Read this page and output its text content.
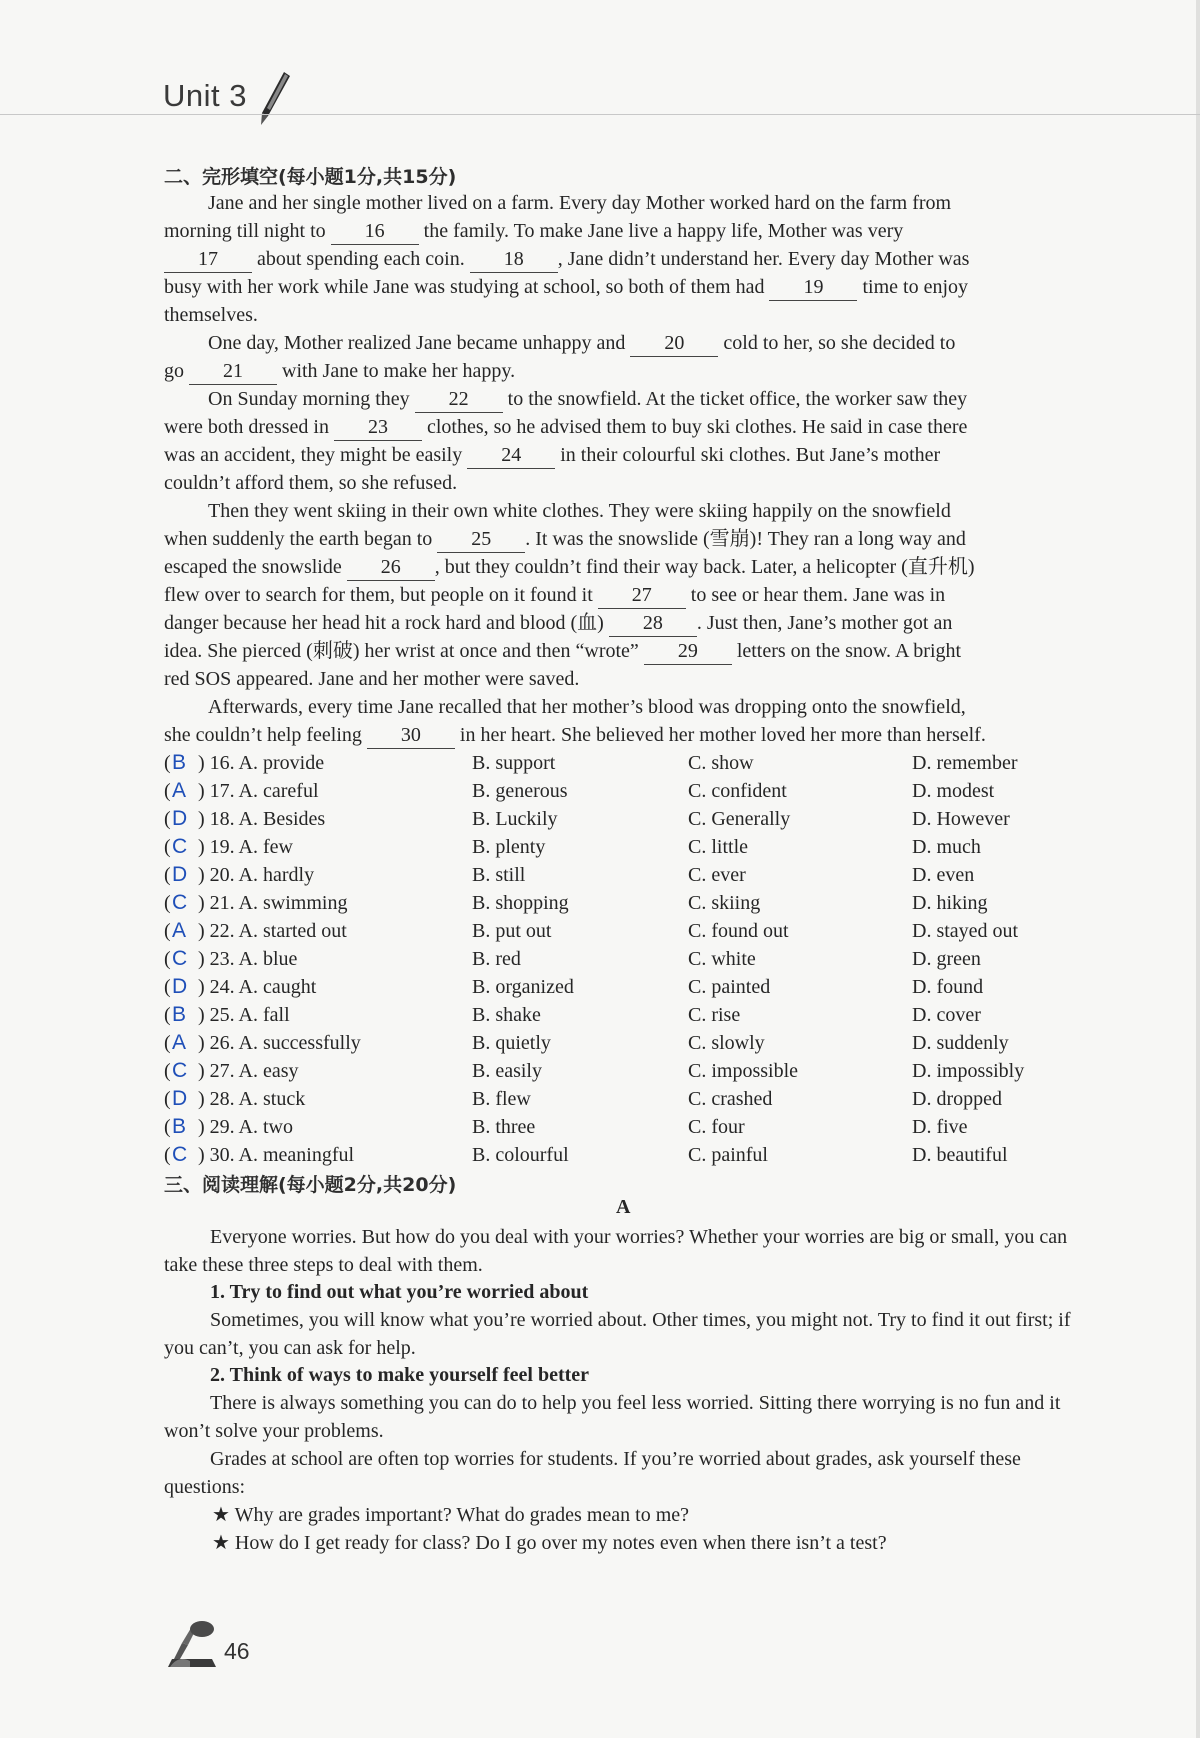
Unit 3
二、完形填空(每小题1分,共15分)
Jane and her single mother lived on a farm. Every day Mother worked hard on the farm from
morning till night to 16 the family. To make Jane live a happy life, Mother was very
17 about spending each coin. 18 , Jane didn’t understand her. Every day Mother was
busy with her work while Jane was studying at school, so both of them had 19 time to enjoy
themselves.
One day, Mother realized Jane became unhappy and 20 cold to her, so she decided to
go 21 with Jane to make her happy.
On Sunday morning they 22 to the snowfield. At the ticket office, the worker saw they
were both dressed in 23 clothes, so he advised them to buy ski clothes. He said in case there
was an accident, they might be easily 24 in their colourful ski clothes. But Jane’s mother
couldn’t afford them, so she refused.
Then they went skiing in their own white clothes. They were skiing happily on the snowfield
when suddenly the earth began to 25 . It was the snowslide (雪崩)! They ran a long way and
escaped the snowslide 26 , but they couldn’t find their way back. Later, a helicopter (直升机)
flew over to search for them, but people on it found it 27 to see or hear them. Jane was in
danger because her head hit a rock hard and blood (血) 28 . Just then, Jane’s mother got an
idea. She pierced (刺破) her wrist at once and then “wrote” 29 letters on the snow. A bright
red SOS appeared. Jane and her mother were saved.
Afterwards, every time Jane recalled that her mother’s blood was dropping onto the snowfield,
she couldn’t help feeling 30 in her heart. She believed her mother loved her more than herself.
( B ) 16. A. provide	B. support	C. show	D. remember
( A ) 17. A. careful	B. generous	C. confident	D. modest
( D ) 18. A. Besides	B. Luckily	C. Generally	D. However
( C ) 19. A. few	B. plenty	C. little	D. much
( D ) 20. A. hardly	B. still	C. ever	D. even
( C ) 21. A. swimming	B. shopping	C. skiing	D. hiking
( A ) 22. A. started out	B. put out	C. found out	D. stayed out
( C ) 23. A. blue	B. red	C. white	D. green
( D ) 24. A. caught	B. organized	C. painted	D. found
( B ) 25. A. fall	B. shake	C. rise	D. cover
( A ) 26. A. successfully	B. quietly	C. slowly	D. suddenly
( C ) 27. A. easy	B. easily	C. impossible	D. impossibly
( D ) 28. A. stuck	B. flew	C. crashed	D. dropped
( B ) 29. A. two	B. three	C. four	D. five
( C ) 30. A. meaningful	B. colourful	C. painful	D. beautiful
三、阅读理解(每小题2分,共20分)
A
Everyone worries. But how do you deal with your worries? Whether your worries are big or small, you can take these three steps to deal with them.
1. Try to find out what you’re worried about
Sometimes, you will know what you’re worried about. Other times, you might not. Try to find it out first; if you can’t, you can ask for help.
2. Think of ways to make yourself feel better
There is always something you can do to help you feel less worried. Sitting there worrying is no fun and it won’t solve your problems.
Grades at school are often top worries for students. If you’re worried about grades, ask yourself these questions:
★ Why are grades important? What do grades mean to me?
★ How do I get ready for class? Do I go over my notes even when there isn’t a test?
46
